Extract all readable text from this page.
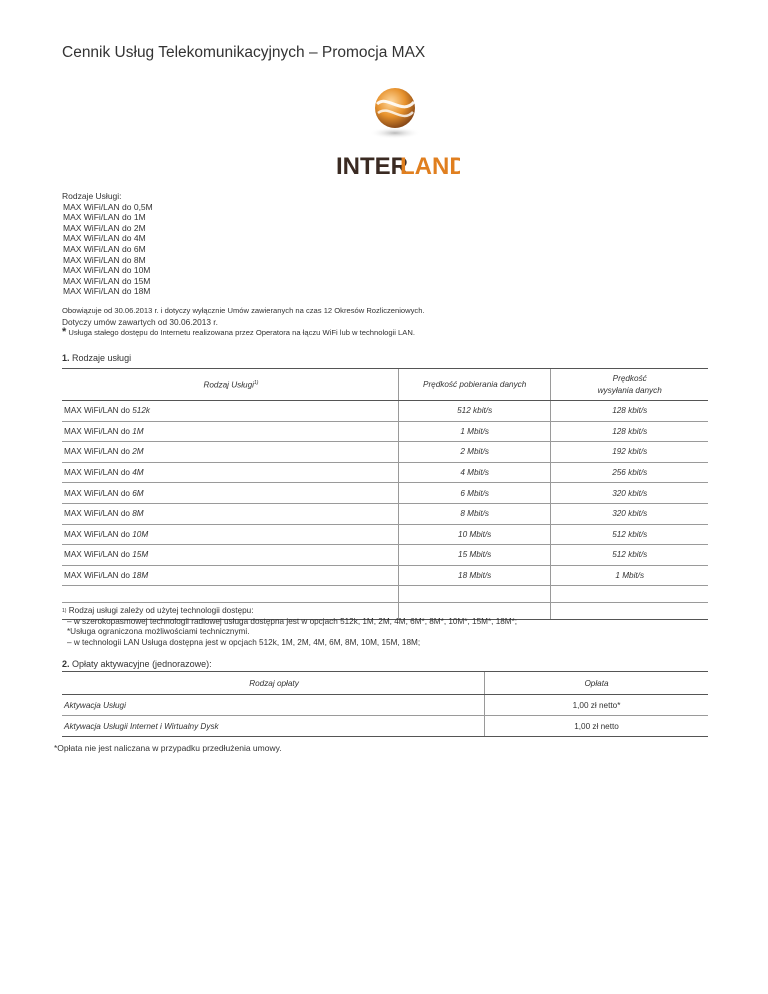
Cennik Usług Telekomunikacyjnych – Promocja MAX
INTER
LAND
Rodzaje Usługi:
MAX WiFi/LAN do 0,5M
MAX WiFi/LAN do 1M
MAX WiFi/LAN do 2M
MAX WiFi/LAN do 4M
MAX WiFi/LAN do 6M
MAX WiFi/LAN do 8M
MAX WiFi/LAN do 10M
MAX WiFi/LAN do 15M
MAX WiFi/LAN do 18M
Obowiązuje od 30.06.2013 r. i dotyczy wyłącznie Umów zawieranych na czas 12 Okresów Rozliczeniowych.
Dotyczy umów zawartych od 30.06.2013 r.
* Usługa stałego dostępu do Internetu realizowana przez Operatora na łączu WiFi lub w technologii LAN.
1. Rodzaje usługi
Rodzaj Usługi$^{1)}$	Prędkość pobierania danych	Prędkość
wysyłania danych
MAX WiFi/LAN do 512k	512 kbit/s	128 kbit/s
MAX WiFi/LAN do 1M	1 Mbit/s	128 kbit/s
MAX WiFi/LAN do 2M	2 Mbit/s	192 kbit/s
MAX WiFi/LAN do 4M	4 Mbit/s	256 kbit/s
MAX WiFi/LAN do 6M	6 Mbit/s	320 kbit/s
MAX WiFi/LAN do 8M	8 Mbit/s	320 kbit/s
MAX WiFi/LAN do 10M	10 Mbit/s	512 kbit/s
MAX WiFi/LAN do 15M	15 Mbit/s	512 kbit/s
MAX WiFi/LAN do 18M	18 Mbit/s	1 Mbit/s

$^{1)}$ Rodzaj usługi zależy od użytej technologii dostępu:
– w szerokopasmowej technologii radiowej usługa dostępna jest w opcjach 512k, 1M, 2M, 4M, 6M*, 8M*, 10M*, 15M*, 18M*;
*Usługa ograniczona możliwościami technicznymi.
– w technologii LAN Usługa dostępna jest w opcjach 512k, 1M, 2M, 4M, 6M, 8M, 10M, 15M, 18M;
2. Opłaty aktywacyjne (jednorazowe):
Rodzaj opłaty	Opłata
Aktywacja Usługi	1,00 zł netto*
Aktywacja Usługii Internet i Wirtualny Dysk	1,00 zł netto
*Opłata nie jest naliczana w przypadku przedłużenia umowy.
